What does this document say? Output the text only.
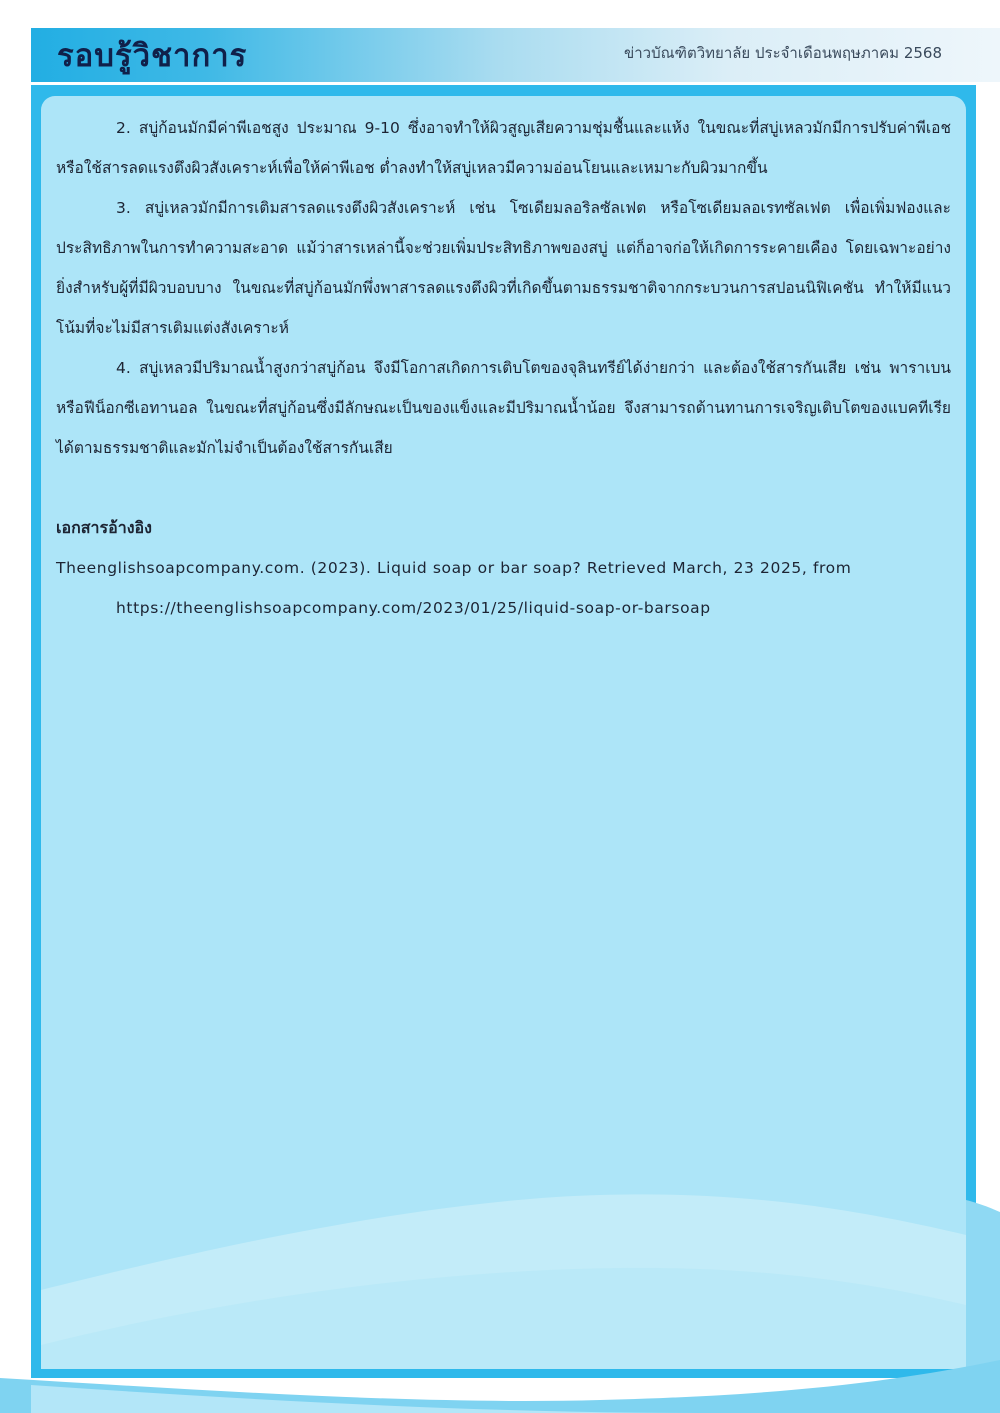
รอบรู้วิชาการ	ข่าวบัณฑิตวิทยาลัย ประจำเดือนพฤษภาคม 2568

2. สบู่ก้อนมักมีค่าพีเอชสูง ประมาณ 9-10 ซึ่งอาจทำให้ผิวสูญเสียความชุ่มชื้นและแห้ง ในขณะที่สบู่เหลวมักมีการปรับค่าพีเอช หรือใช้สารลดแรงตึงผิวสังเคราะห์เพื่อให้ค่าพีเอช ต่ำลงทำให้สบู่เหลวมีความอ่อนโยนและเหมาะกับผิวมากขึ้น

3. สบู่เหลวมักมีการเติมสารลดแรงตึงผิวสังเคราะห์ เช่น โซเดียมลอริลซัลเฟต หรือโซเดียมลอเรทซัลเฟต เพื่อเพิ่มฟองและประสิทธิภาพในการทำความสะอาด แม้ว่าสารเหล่านี้จะช่วยเพิ่มประสิทธิภาพของสบู่ แต่ก็อาจก่อให้เกิดการระคายเคือง โดยเฉพาะอย่างยิ่งสำหรับผู้ที่มีผิวบอบบาง ในขณะที่สบู่ก้อนมักพึ่งพาสารลดแรงตึงผิวที่เกิดขึ้นตามธรรมชาติจากกระบวนการสปอนนิฟิเคชัน ทำให้มีแนวโน้มที่จะไม่มีสารเติมแต่งสังเคราะห์

4. สบู่เหลวมีปริมาณน้ำสูงกว่าสบู่ก้อน จึงมีโอกาสเกิดการเติบโตของจุลินทรีย์ได้ง่ายกว่า และต้องใช้สารกันเสีย เช่น พาราเบน หรือฟีน็อกซีเอทานอล ในขณะที่สบู่ก้อนซึ่งมีลักษณะเป็นของแข็งและมีปริมาณน้ำน้อย จึงสามารถต้านทานการเจริญเติบโตของแบคทีเรียได้ตามธรรมชาติและมักไม่จำเป็นต้องใช้สารกันเสีย

เอกสารอ้างอิง

Theenglishsoapcompany.com. (2023). Liquid soap or bar soap? Retrieved March, 23 2025, from
https://theenglishsoapcompany.com/2023/01/25/liquid-soap-or-barsoap
